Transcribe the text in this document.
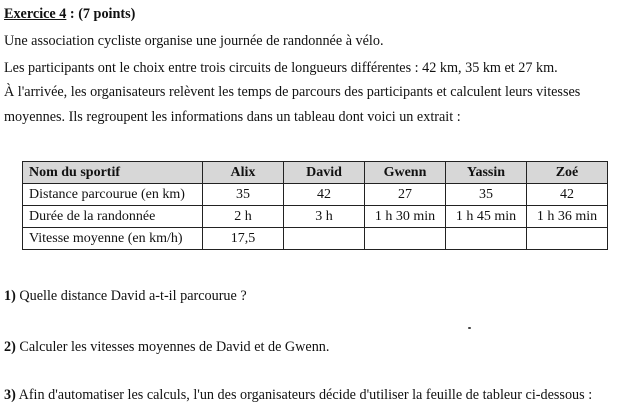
Exercice 4 : (7 points)
Une association cycliste organise une journée de randonnée à vélo.
Les participants ont le choix entre trois circuits de longueurs différentes : 42 km, 35 km et 27 km.
À l'arrivée, les organisateurs relèvent les temps de parcours des participants et calculent leurs vitesses
moyennes. Ils regroupent les informations dans un tableau dont voici un extrait :
Nom du sportif	Alix	David	Gwenn	Yassin	Zoé
Distance parcourue (en km)	35	42	27	35	42
Durée de la randonnée	2 h	3 h	1 h 30 min	1 h 45 min	1 h 36 min
Vitesse moyenne (en km/h)	17,5				
1) Quelle distance David a-t-il parcourue ?
2) Calculer les vitesses moyennes de David et de Gwenn.
3) Afin d'automatiser les calculs, l'un des organisateurs décide d'utiliser la feuille de tableur ci-dessous :
